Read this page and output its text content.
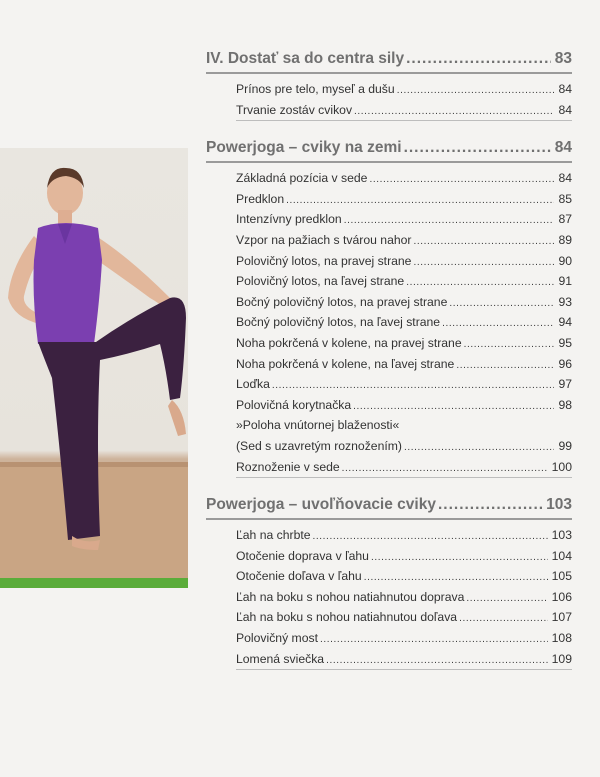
IV. Dostať sa do centra sily .....	83
Prínos pre telo, myseľ a dušu .....	84
Trvanie zostáv cvikov .....	84
Powerjoga – cviky na zemi .....	84
Základná pozícia v sede .....	84
Predklon .....	85
Intenzívny predklon .....	87
Vzpor na pažiach s tvárou nahor .....	89
Polovičný lotos, na pravej strane .....	90
Polovičný lotos, na ľavej strane .....	91
Bočný polovičný lotos, na pravej strane .....	93
Bočný polovičný lotos, na ľavej strane .....	94
Noha pokrčená v kolene, na pravej strane .....	95
Noha pokrčená v kolene, na ľavej strane .....	96
Loďka .....	97
Polovičná korytnačka .....	98
»Poloha vnútornej blaženosti«
(Sed s uzavretým roznožením) .....	99
Roznoženie v sede .....	100
Powerjoga – uvoľňovacie cviky .....	103
Ľah na chrbte .....	103
Otočenie doprava v ľahu .....	104
Otočenie doľava v ľahu .....	105
Ľah na boku s nohou natiahnutou doprava .....	106
Ľah na boku s nohou natiahnutou doľava .....	107
Polovičný most .....	108
Lomená sviečka .....	109
